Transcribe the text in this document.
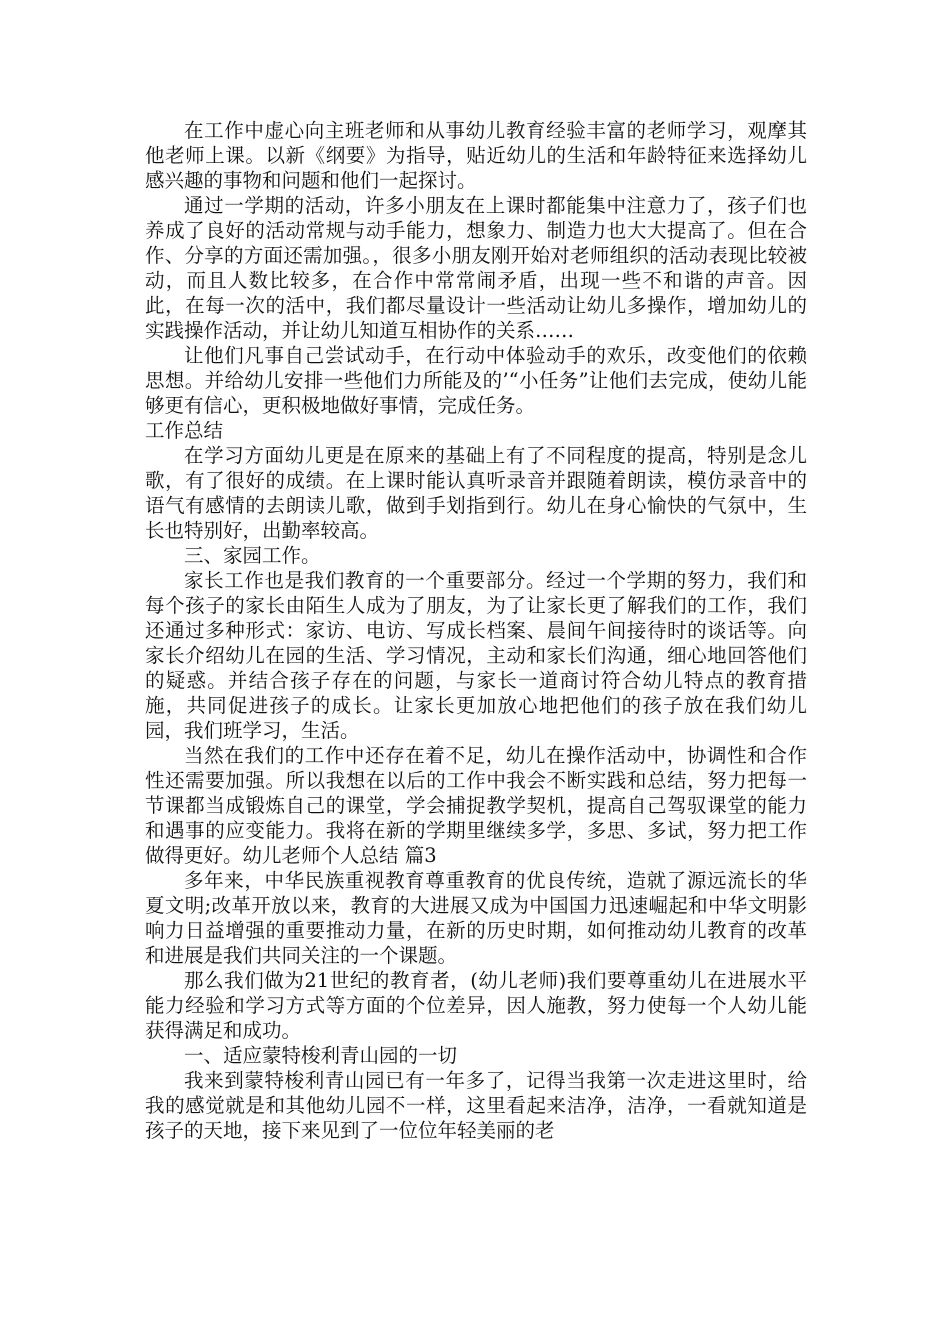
在工作中虚心向主班老师和从事幼儿教育经验丰富的老师学习，观摩其他老师上课。以新《纲要》为指导，贴近幼儿的生活和年龄特征来选择幼儿感兴趣的事物和问题和他们一起探讨。

通过一学期的活动，许多小朋友在上课时都能集中注意力了，孩子们也养成了良好的活动常规与动手能力，想象力、制造力也大大提高了。但在合作、分享的方面还需加强。，很多小朋友刚开始对老师组织的活动表现比较被动，而且人数比较多，在合作中常常闹矛盾，出现一些不和谐的声音。因此，在每一次的活中，我们都尽量设计一些活动让幼儿多操作，增加幼儿的实践操作活动，并让幼儿知道互相协作的关系……

让他们凡事自己尝试动手，在行动中体验动手的欢乐，改变他们的依赖思想。并给幼儿安排一些他们力所能及的’“小任务”让他们去完成，使幼儿能够更有信心，更积极地做好事情，完成任务。

工作总结

在学习方面幼儿更是在原来的基础上有了不同程度的提高，特别是念儿歌，有了很好的成绩。在上课时能认真听录音并跟随着朗读，模仿录音中的语气有感情的去朗读儿歌，做到手划指到行。幼儿在身心愉快的气氛中，生长也特别好，出勤率较高。

三、家园工作。

家长工作也是我们教育的一个重要部分。经过一个学期的努力，我们和每个孩子的家长由陌生人成为了朋友，为了让家长更了解我们的工作，我们还通过多种形式：家访、电访、写成长档案、晨间午间接待时的谈话等。向家长介绍幼儿在园的生活、学习情况，主动和家长们沟通，细心地回答他们的疑惑。并结合孩子存在的问题，与家长一道商讨符合幼儿特点的教育措施，共同促进孩子的成长。让家长更加放心地把他们的孩子放在我们幼儿园，我们班学习，生活。

当然在我们的工作中还存在着不足，幼儿在操作活动中，协调性和合作性还需要加强。所以我想在以后的工作中我会不断实践和总结，努力把每一节课都当成锻炼自己的课堂，学会捕捉教学契机，提高自己驾驭课堂的能力和遇事的应变能力。我将在新的学期里继续多学，多思、多试，努力把工作做得更好。幼儿老师个人总结 篇3

多年来，中华民族重视教育尊重教育的优良传统，造就了源远流长的华夏文明;改革开放以来，教育的大进展又成为中国国力迅速崛起和中华文明影响力日益增强的重要推动力量，在新的历史时期，如何推动幼儿教育的改革和进展是我们共同关注的一个课题。

那么我们做为21世纪的教育者，(幼儿老师)我们要尊重幼儿在进展水平能力经验和学习方式等方面的个位差异，因人施教，努力使每一个人幼儿能获得满足和成功。

一、适应蒙特梭利青山园的一切

我来到蒙特梭利青山园已有一年多了，记得当我第一次走进这里时，给我的感觉就是和其他幼儿园不一样，这里看起来洁净，洁净，一看就知道是孩子的天地，接下来见到了一位位年轻美丽的老
